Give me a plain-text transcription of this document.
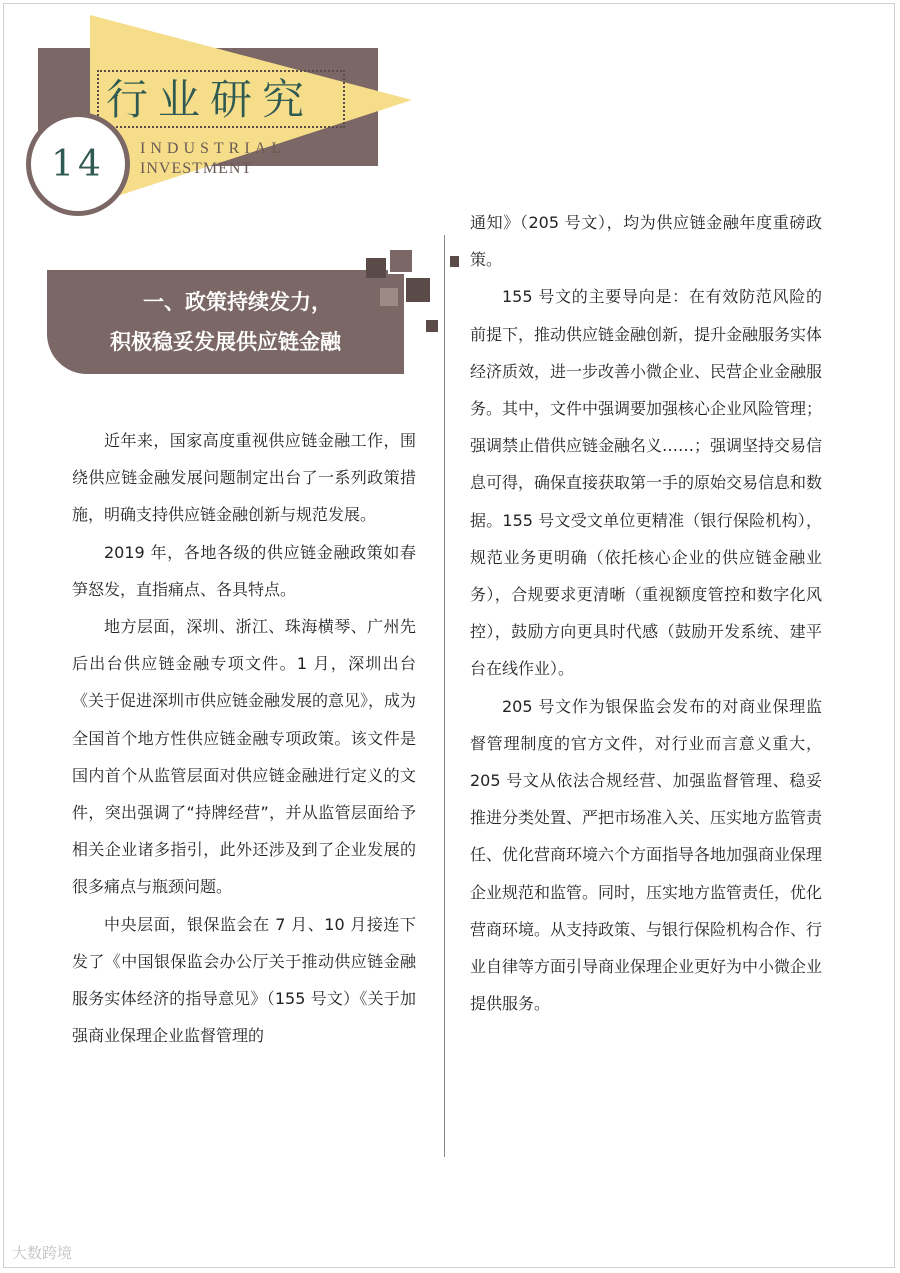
行业研究
INDUSTRIAL
INVESTMENT
14
一、政策持续发力，
积极稳妥发展供应链金融

近年来，国家高度重视供应链金融工作，围绕供应链金融发展问题制定出台了一系列政策措施，明确支持供应链金融创新与规范发展。

2019 年，各地各级的供应链金融政策如春笋怒发，直指痛点、各具特点。

地方层面，深圳、浙江、珠海横琴、广州先后出台供应链金融专项文件。1 月，深圳出台《关于促进深圳市供应链金融发展的意见》，成为全国首个地方性供应链金融专项政策。该文件是国内首个从监管层面对供应链金融进行定义的文件，突出强调了“持牌经营”，并从监管层面给予相关企业诸多指引，此外还涉及到了企业发展的很多痛点与瓶颈问题。

中央层面，银保监会在 7 月、10 月接连下发了《中国银保监会办公厅关于推动供应链金融服务实体经济的指导意见》（155 号文）《关于加强商业保理企业监督管理的

通知》（205 号文），均为供应链金融年度重磅政策。

155 号文的主要导向是：在有效防范风险的前提下，推动供应链金融创新，提升金融服务实体经济质效，进一步改善小微企业、民营企业金融服务。其中，文件中强调要加强核心企业风险管理；强调禁止借供应链金融名义……；强调坚持交易信息可得，确保直接获取第一手的原始交易信息和数据。155 号文受文单位更精准（银行保险机构），规范业务更明确（依托核心企业的供应链金融业务），合规要求更清晰（重视额度管控和数字化风控），鼓励方向更具时代感（鼓励开发系统、建平台在线作业）。

205 号文作为银保监会发布的对商业保理监督管理制度的官方文件，对行业而言意义重大，205 号文从依法合规经营、加强监督管理、稳妥推进分类处置、严把市场准入关、压实地方监管责任、优化营商环境六个方面指导各地加强商业保理企业规范和监管。同时，压实地方监管责任，优化营商环境。从支持政策、与银行保险机构合作、行业自律等方面引导商业保理企业更好为中小微企业提供服务。

大数跨境
